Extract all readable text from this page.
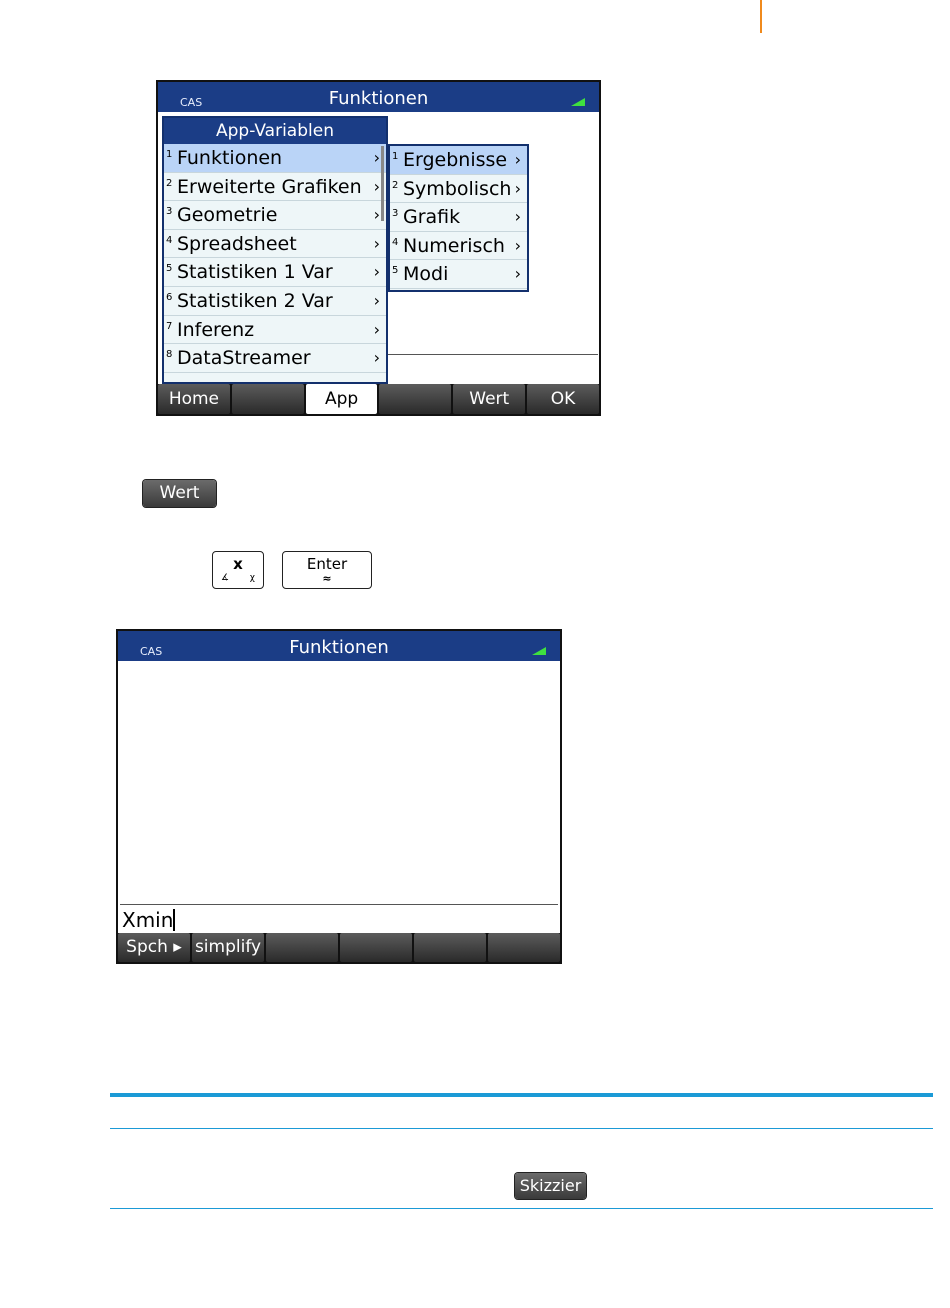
CAS	Funktionen
App-Variablen
1 Funktionen	›
2 Erweiterte Grafiken ›
3 Geometrie	›
4 Spreadsheet	›
5 Statistiken 1 Var	›
6 Statistiken 2 Var	›
7 Inferenz	›
8 DataStreamer	›
1 Ergebnisse ›
2 Symbolisch ›
3 Grafik	›
4 Numerisch ›
5 Modi	›
Home	App	Wert	OK
Wert
x
∡ χ
Enter
≈
CAS	Funktionen
Xmin
Spch ▸ simplify
Skizzier
